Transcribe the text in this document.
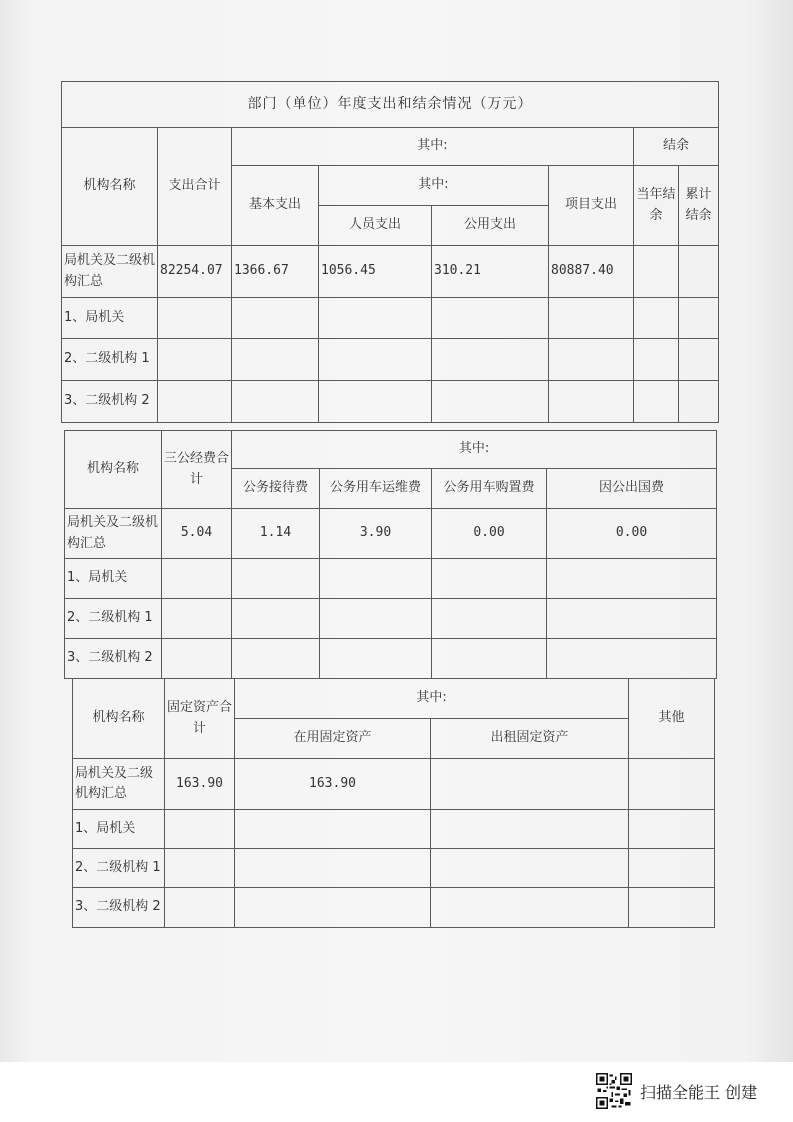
部门（单位）年度支出和结余情况（万元）							
机构名称	支出合计	其中:				结余	
		基本支出	其中:		项目支出	当年结余	累计结余
			人员支出	公用支出			
局机关及二级机构汇总	82254.07	1366.67	1056.45	310.21	80887.40		
1、局机关							
2、二级机构 1							
3、二级机构 2							
机构名称	三公经费合计	其中:			
		公务接待费	公务用车运维费	公务用车购置费	因公出国费
局机关及二级机构汇总	5.04	1.14	3.90	0.00	0.00
1、局机关					
2、二级机构 1					
3、二级机构 2					
机构名称	固定资产合计	其中:		其他
		在用固定资产	出租固定资产	
局机关及二级机构汇总	163.90	163.90		
1、局机关				
2、二级机构 1				
3、二级机构 2				
扫描全能王 创建
